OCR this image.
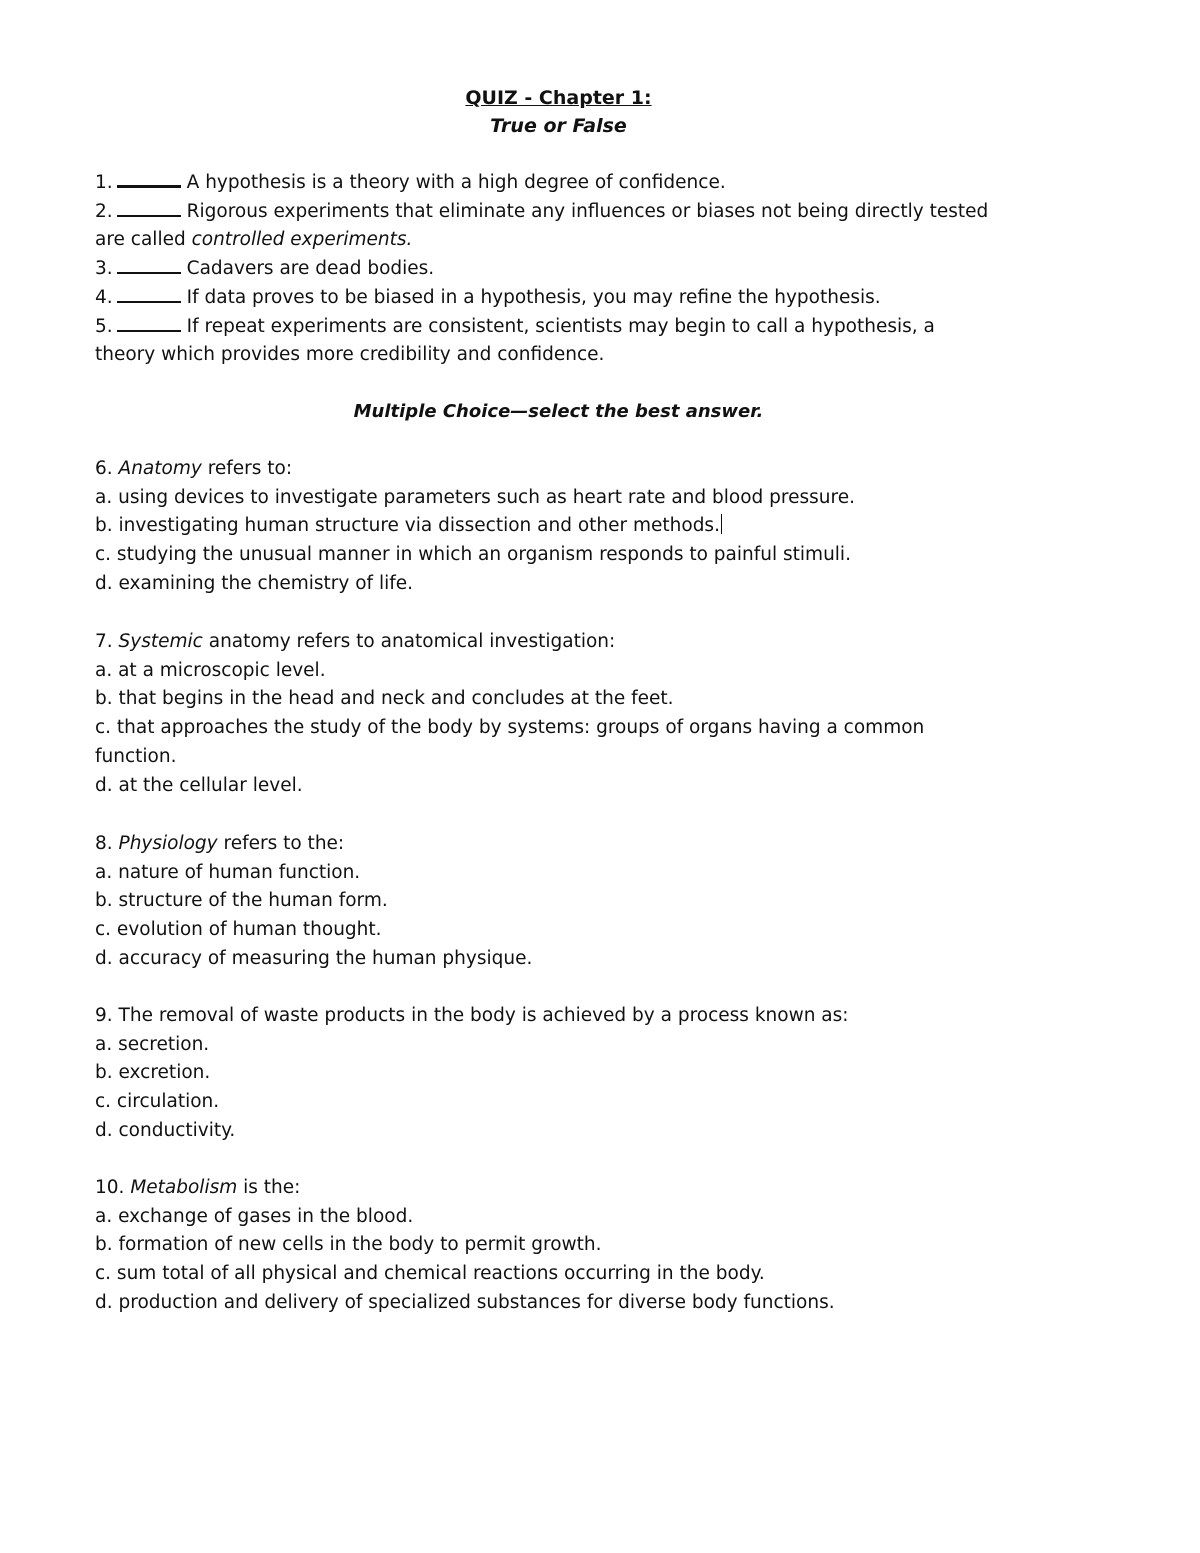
QUIZ - Chapter 1:

True or False

1.	A hypothesis is a theory with a high degree of confidence.

2.	Rigorous experiments that eliminate any influences or biases not being directly tested

are called controlled experiments.

3.	Cadavers are dead bodies.

4.	If data proves to be biased in a hypothesis, you may refine the hypothesis.

5.	If repeat experiments are consistent, scientists may begin to call a hypothesis, a

theory which provides more credibility and confidence.

Multiple Choice—select the best answer.

6. Anatomy refers to:

a. using devices to investigate parameters such as heart rate and blood pressure.

b. investigating human structure via dissection and other methods.

c. studying the unusual manner in which an organism responds to painful stimuli.

d. examining the chemistry of life.

7. Systemic anatomy refers to anatomical investigation:

a. at a microscopic level.

b. that begins in the head and neck and concludes at the feet.

c. that approaches the study of the body by systems: groups of organs having a common

function.

d. at the cellular level.

8. Physiology refers to the:

a. nature of human function.

b. structure of the human form.

c. evolution of human thought.

d. accuracy of measuring the human physique.

9. The removal of waste products in the body is achieved by a process known as:

a. secretion.

b. excretion.

c. circulation.

d. conductivity.

10. Metabolism is the:

a. exchange of gases in the blood.

b. formation of new cells in the body to permit growth.

c. sum total of all physical and chemical reactions occurring in the body.

d. production and delivery of specialized substances for diverse body functions.
